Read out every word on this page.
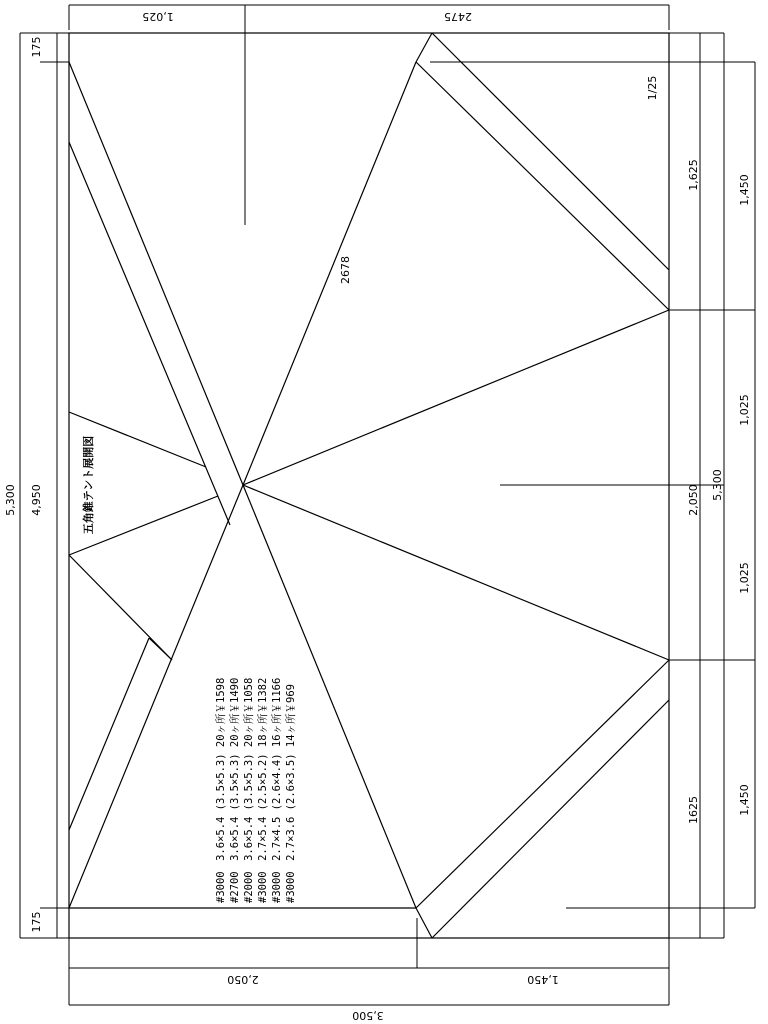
1,025	2475
2,050	1,450
3,500
175
5,300 4,950
175
1,625
2,050
1625
5,300
1,450
1,025
1,025
1,450
1/25
2678
五角錐テント展開図
#3000　3.6×5.4 (3.5×5.3) 20ヶ所￥1598 #2700　3.6×5.4 (3.5×5.3) 20ヶ所￥1490 #2000　3.6×5.4 (3.5×5.3) 20ヶ所￥1058 #3000　2.7×5.4 (2.5×5.2) 18ヶ所￥1382 #3000　2.7×4.5 (2.6×4.4) 16ヶ所￥1166 #3000　2.7×3.6 (2.6×3.5) 14ヶ所￥969
